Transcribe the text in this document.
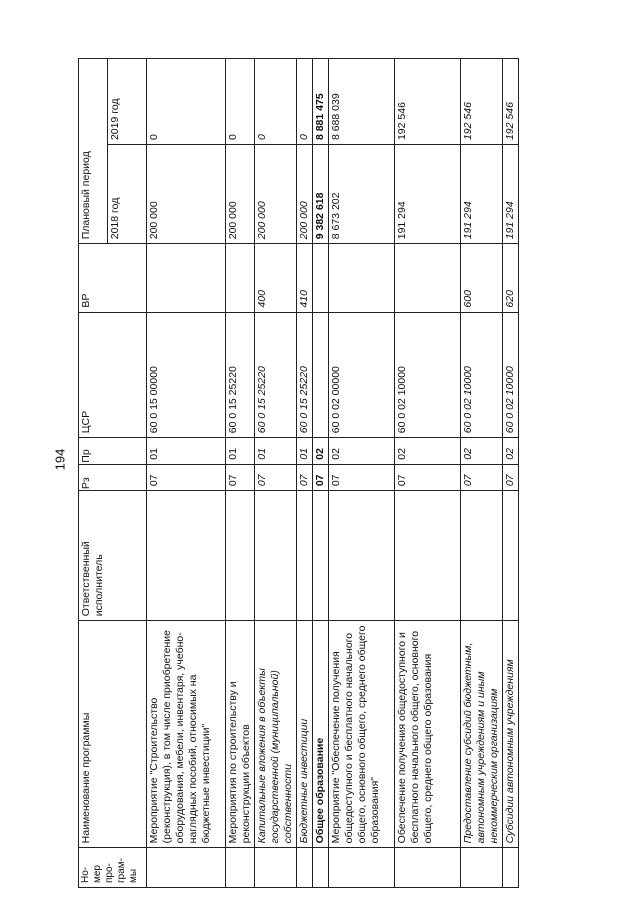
194
Но-мер про-грам-мы	Наименование программы	Ответственный исполнитель	Рз	Пр	ЦСР	ВР	Плановый период	
							2018 год	2019 год
	Мероприятие "Строительство (реконструкция), в том числе приобретение оборудования, мебели, инвентаря, учебно-наглядных пособий, относимых на бюджетные инвестиции"		07	01	60 0 15 00000		200 000	0
	Мероприятия по строительству и реконструкции объектов		07	01	60 0 15 25220		200 000	0
	Капитальные вложения в объекты государственной (муниципальной) собственности		07	01	60 0 15 25220	400	200 000	0
	Бюджетные инвестиции		07	01	60 0 15 25220	410	200 000	0
	Общее образование		07	02			9 382 618	8 881 475
	Мероприятие "Обеспечение получения общедоступного и бесплатного начального общего, основного общего, среднего общего образования"		07	02	60 0 02 00000		8 673 202	8 688 039
	Обеспечение получения общедоступного и бесплатного начального общего, основного общего, среднего общего образования		07	02	60 0 02 10000		191 294	192 546
	Предоставление субсидий бюджетным, автономным учреждениям и иным некоммерческим организациям		07	02	60 0 02 10000	600	191 294	192 546
	Субсидии автономным учреждениям		07	02	60 0 02 10000	620	191 294	192 546
